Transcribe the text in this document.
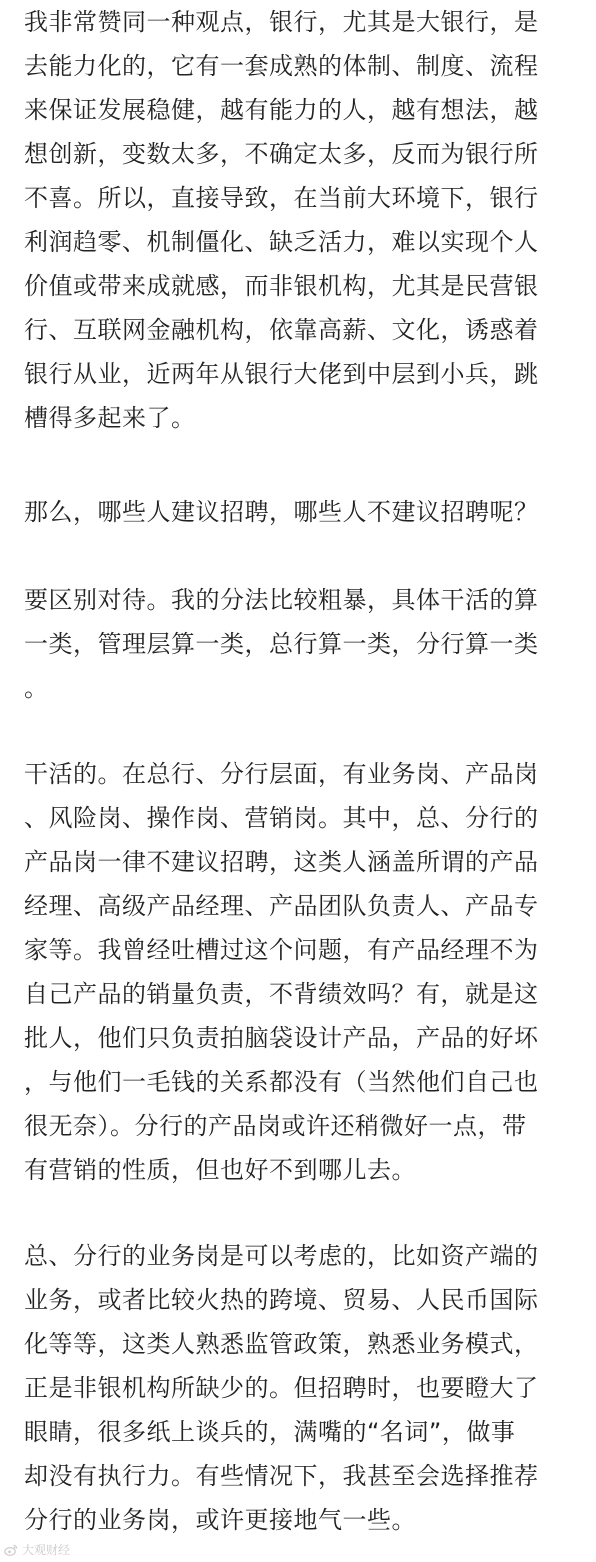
我非常赞同一种观点，银行，尤其是大银行，是
去能力化的，它有一套成熟的体制、制度、流程
来保证发展稳健，越有能力的人，越有想法，越
想创新，变数太多，不确定太多，反而为银行所
不喜。所以，直接导致，在当前大环境下，银行
利润趋零、机制僵化、缺乏活力，难以实现个人
价值或带来成就感，而非银机构，尤其是民营银
行、互联网金融机构，依靠高薪、文化，诱惑着
银行从业，近两年从银行大佬到中层到小兵，跳
槽得多起来了。
那么，哪些人建议招聘，哪些人不建议招聘呢？
要区别对待。我的分法比较粗暴，具体干活的算
一类，管理层算一类，总行算一类，分行算一类
。
干活的。在总行、分行层面，有业务岗、产品岗
、风险岗、操作岗、营销岗。其中，总、分行的
产品岗一律不建议招聘，这类人涵盖所谓的产品
经理、高级产品经理、产品团队负责人、产品专
家等。我曾经吐槽过这个问题，有产品经理不为
自己产品的销量负责，不背绩效吗？有，就是这
批人，他们只负责拍脑袋设计产品，产品的好坏
，与他们一毛钱的关系都没有（当然他们自己也
很无奈）。分行的产品岗或许还稍微好一点，带
有营销的性质，但也好不到哪儿去。
总、分行的业务岗是可以考虑的，比如资产端的
业务，或者比较火热的跨境、贸易、人民币国际
化等等，这类人熟悉监管政策，熟悉业务模式，
正是非银机构所缺少的。但招聘时，也要瞪大了
眼睛，很多纸上谈兵的，满嘴的“名词”，做事
却没有执行力。有些情况下，我甚至会选择推荐
分行的业务岗，或许更接地气一些。
大观财经
